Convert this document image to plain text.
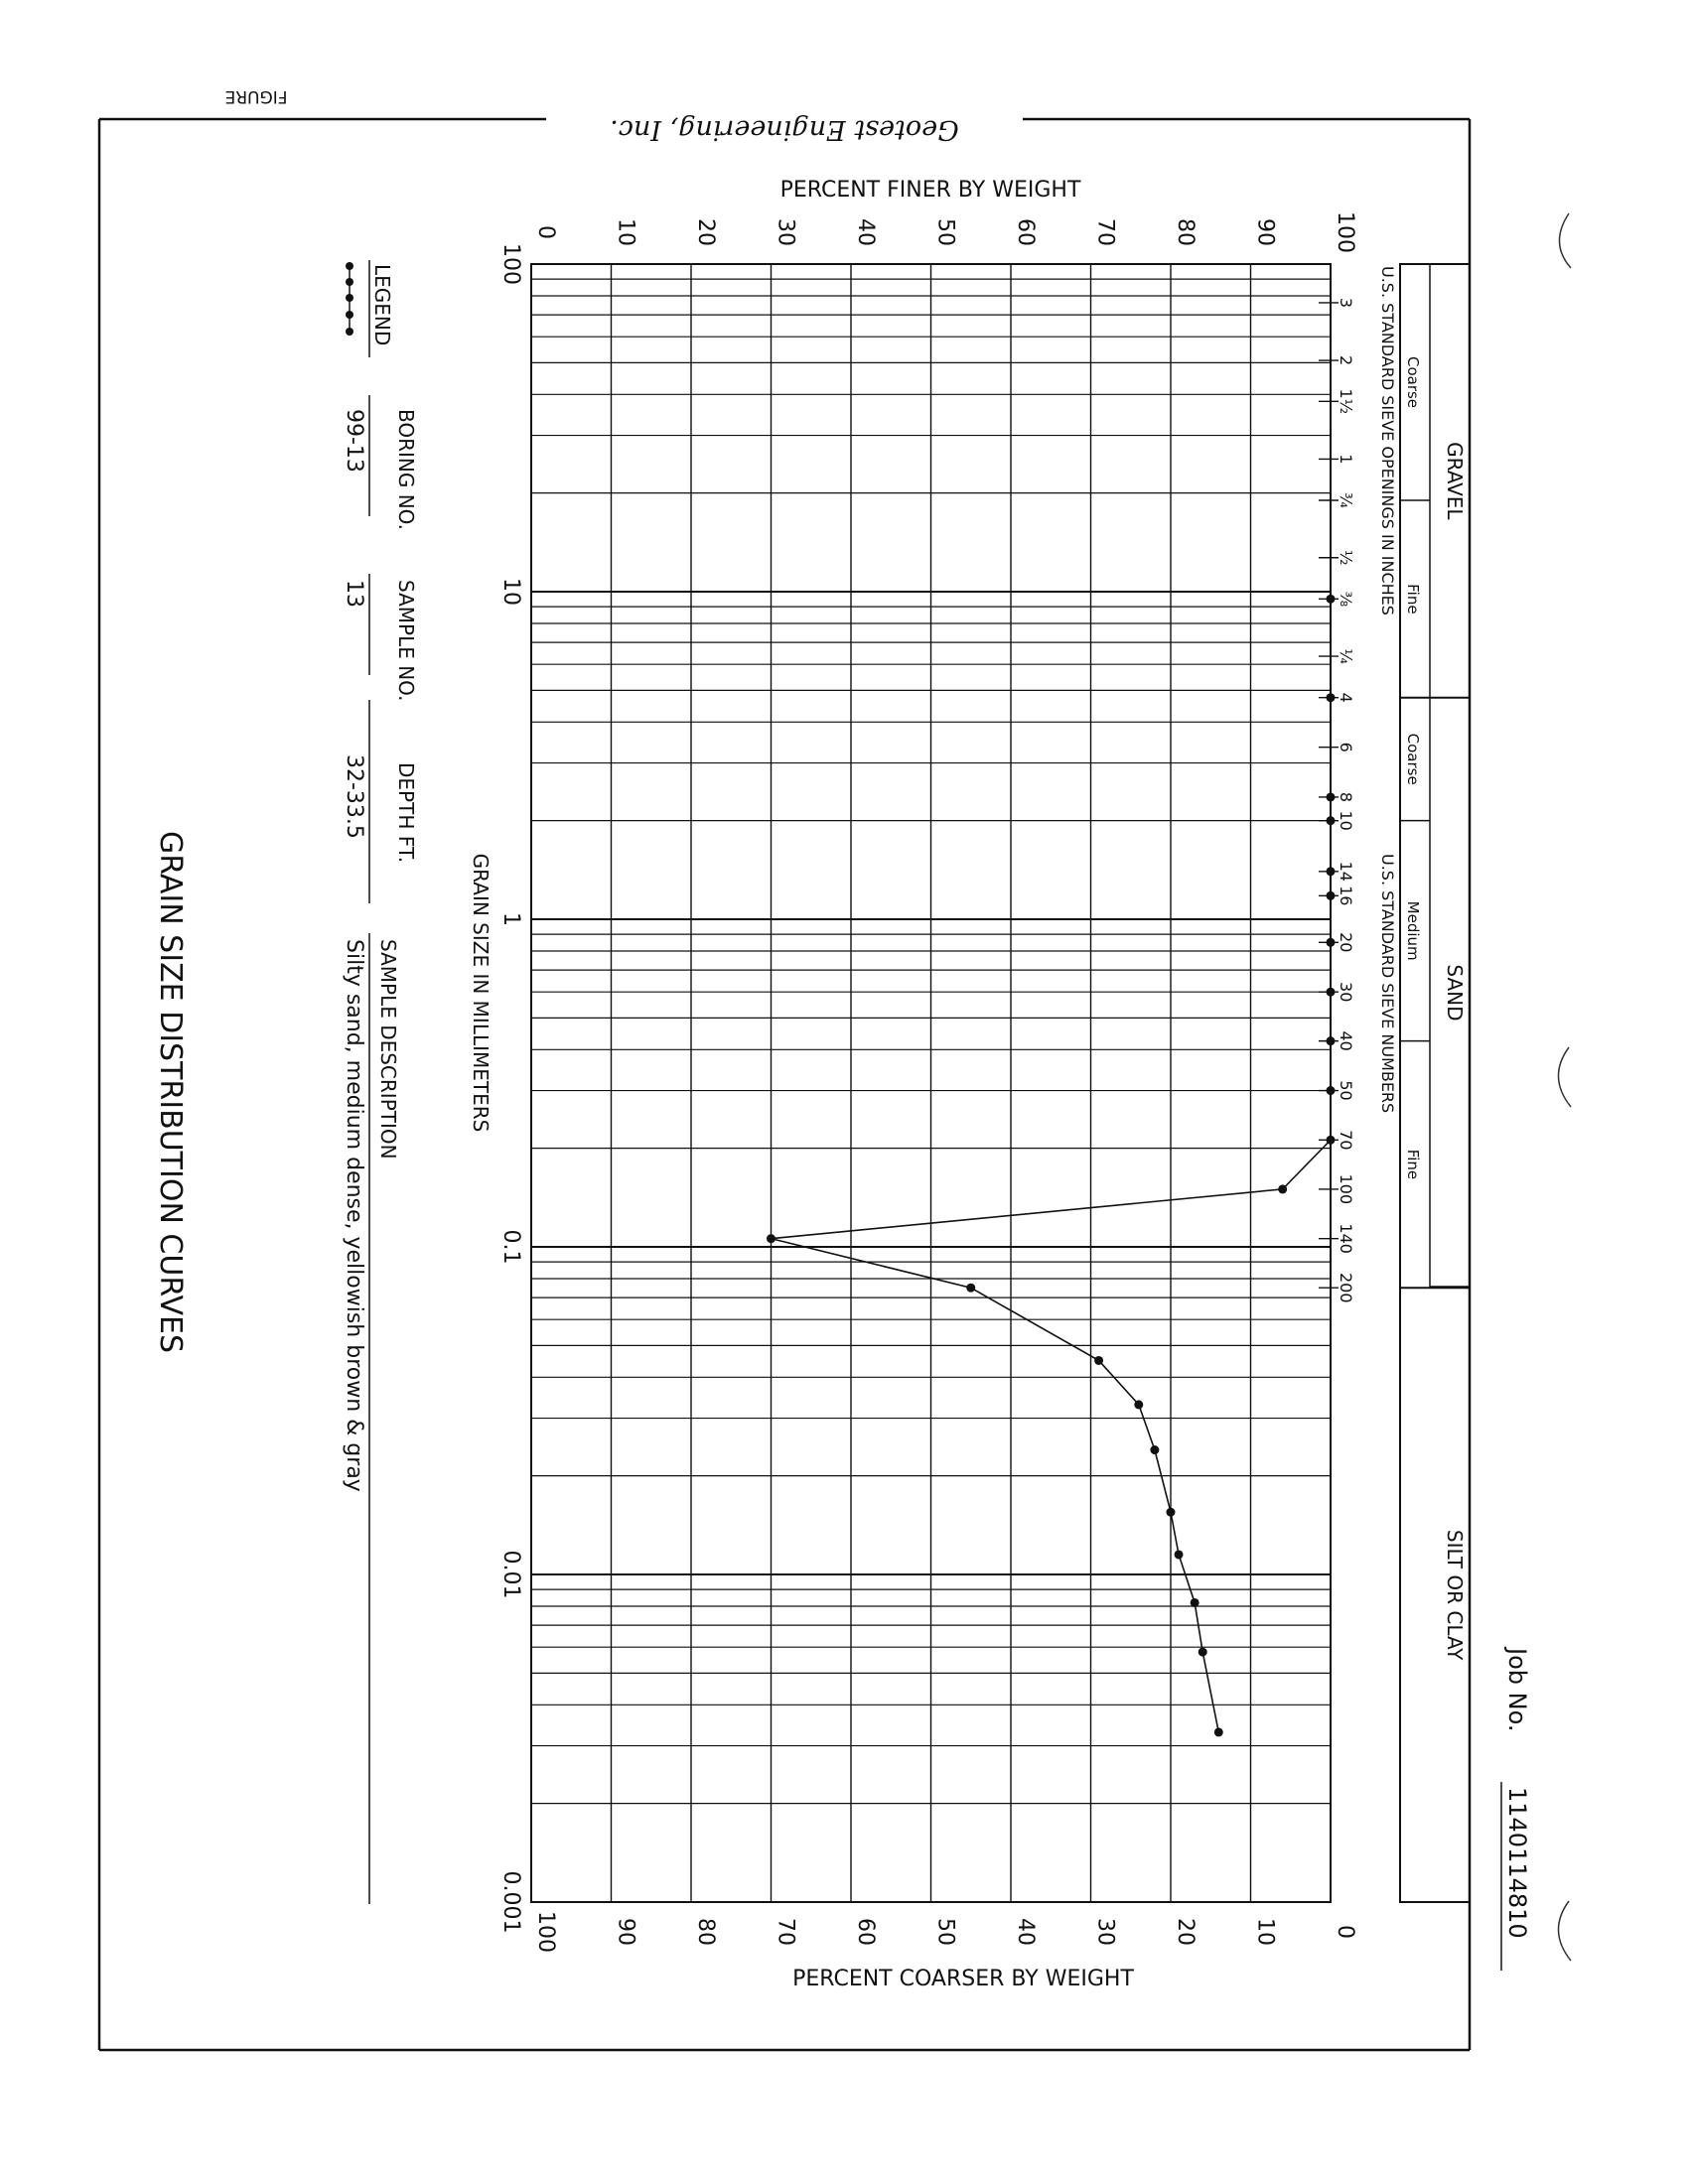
Geotest Engineering, Inc.
FIGURE
Job No.
1140114810
GRAVEL
Coarse
Fine
SAND
Coarse
Medium
Fine
SILT OR CLAY
U.S. STANDARD SIEVE OPENINGS IN INCHES
U.S. STANDARD SIEVE NUMBERS
3
2
1½
1
¾
½
⅜
¼
4
6
8
10
14
16
20
30
40
50
70
100
140
200
100
10
1
0.1
0.01
0.001
0	10	20	30	40	50	60	70	80	90	100
100	90	80	70	60	50	40	30	20	10	0
PERCENT FINER BY WEIGHT
PERCENT COARSER BY WEIGHT
GRAIN SIZE IN MILLIMETERS
LEGEND
BORING NO.
99-13
SAMPLE NO.
13
DEPTH FT.
32-33.5
SAMPLE DESCRIPTION
Silty sand, medium dense, yellowish brown & gray
GRAIN SIZE DISTRIBUTION CURVES
